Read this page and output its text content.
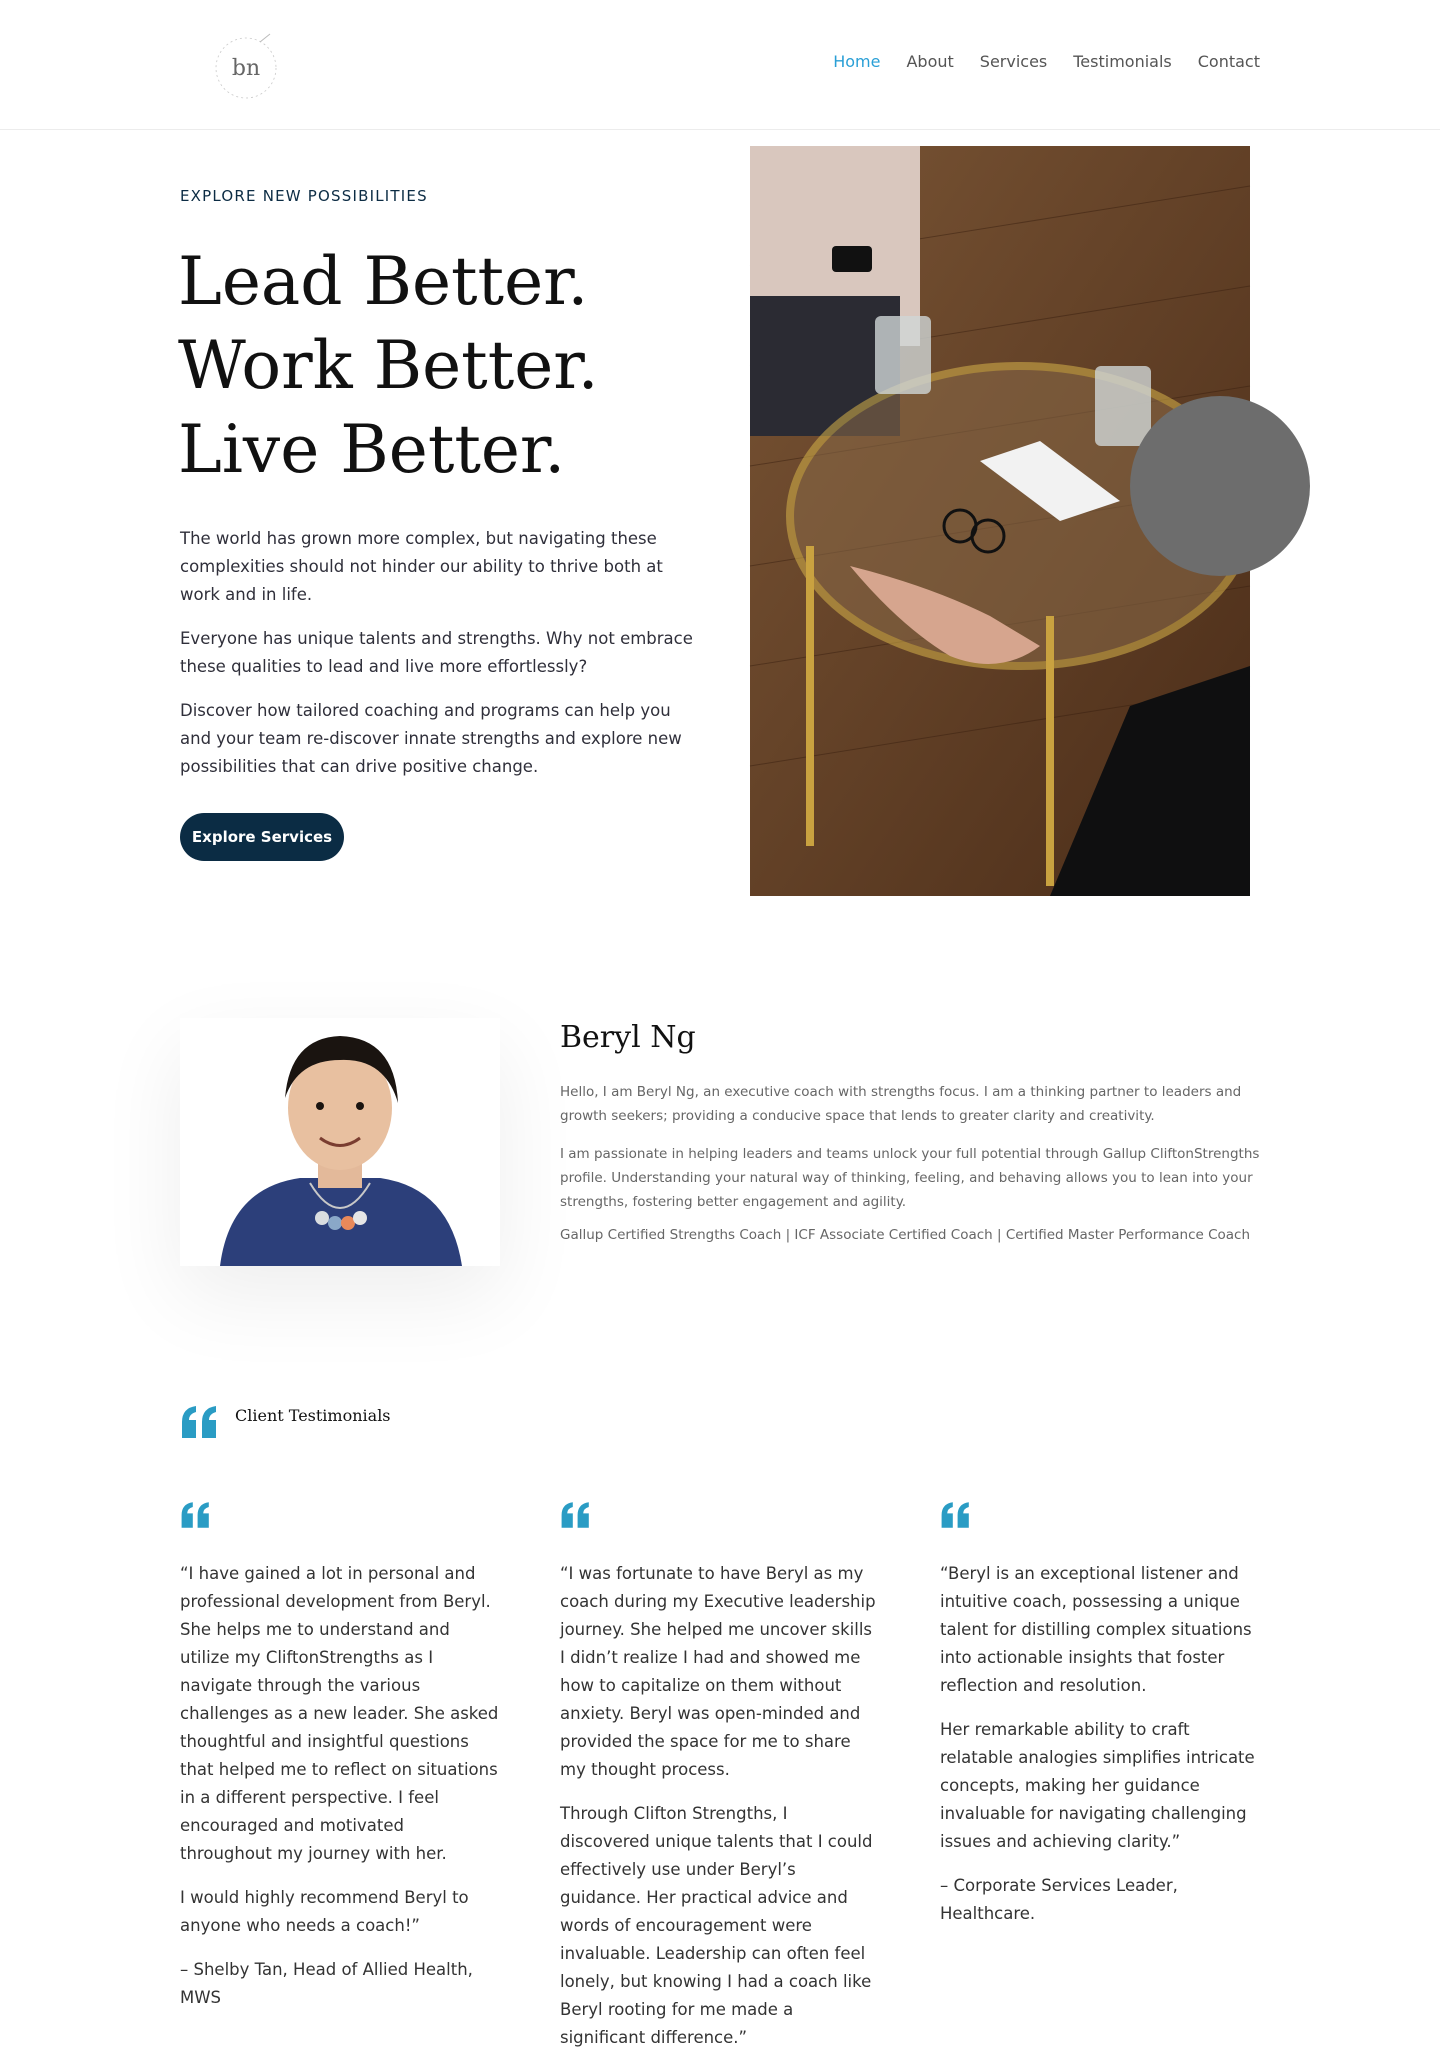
bn	Home About Services Testimonials Contact
EXPLORE NEW POSSIBILITIES
Lead Better.
Work Better.
Live Better.

The world has grown more complex, but navigating these complexities should not hinder our ability to thrive both at work and in life.

Everyone has unique talents and strengths. Why not embrace these qualities to lead and live more effortlessly?

Discover how tailored coaching and programs can help you and your team re-discover innate strengths and explore new possibilities that can drive positive change.

Explore Services
Beryl Ng

Hello, I am Beryl Ng, an executive coach with strengths focus. I am a thinking partner to leaders and growth seekers; providing a conducive space that lends to greater clarity and creativity.

I am passionate in helping leaders and teams unlock your full potential through Gallup CliftonStrengths profile. Understanding your natural way of thinking, feeling, and behaving allows you to lean into your strengths, fostering better engagement and agility.

Gallup Certified Strengths Coach | ICF Associate Certified Coach | Certified Master Performance Coach
Client Testimonials

“I have gained a lot in personal and professional development from Beryl. She helps me to understand and utilize my CliftonStrengths as I navigate through the various challenges as a new leader. She asked thoughtful and insightful questions that helped me to reflect on situations in a different perspective. I feel encouraged and motivated throughout my journey with her.

I would highly recommend Beryl to anyone who needs a coach!”

– Shelby Tan, Head of Allied Health, MWS

“I was fortunate to have Beryl as my coach during my Executive leadership journey. She helped me uncover skills I didn’t realize I had and showed me how to capitalize on them without anxiety. Beryl was open-minded and provided the space for me to share my thought process.

Through Clifton Strengths, I discovered unique talents that I could effectively use under Beryl’s guidance. Her practical advice and words of encouragement were invaluable. Leadership can often feel lonely, but knowing I had a coach like Beryl rooting for me made a significant difference.”

“Beryl is an exceptional listener and intuitive coach, possessing a unique talent for distilling complex situations into actionable insights that foster reflection and resolution.

Her remarkable ability to craft relatable analogies simplifies intricate concepts, making her guidance invaluable for navigating challenging issues and achieving clarity.”

– Corporate Services Leader, Healthcare.
